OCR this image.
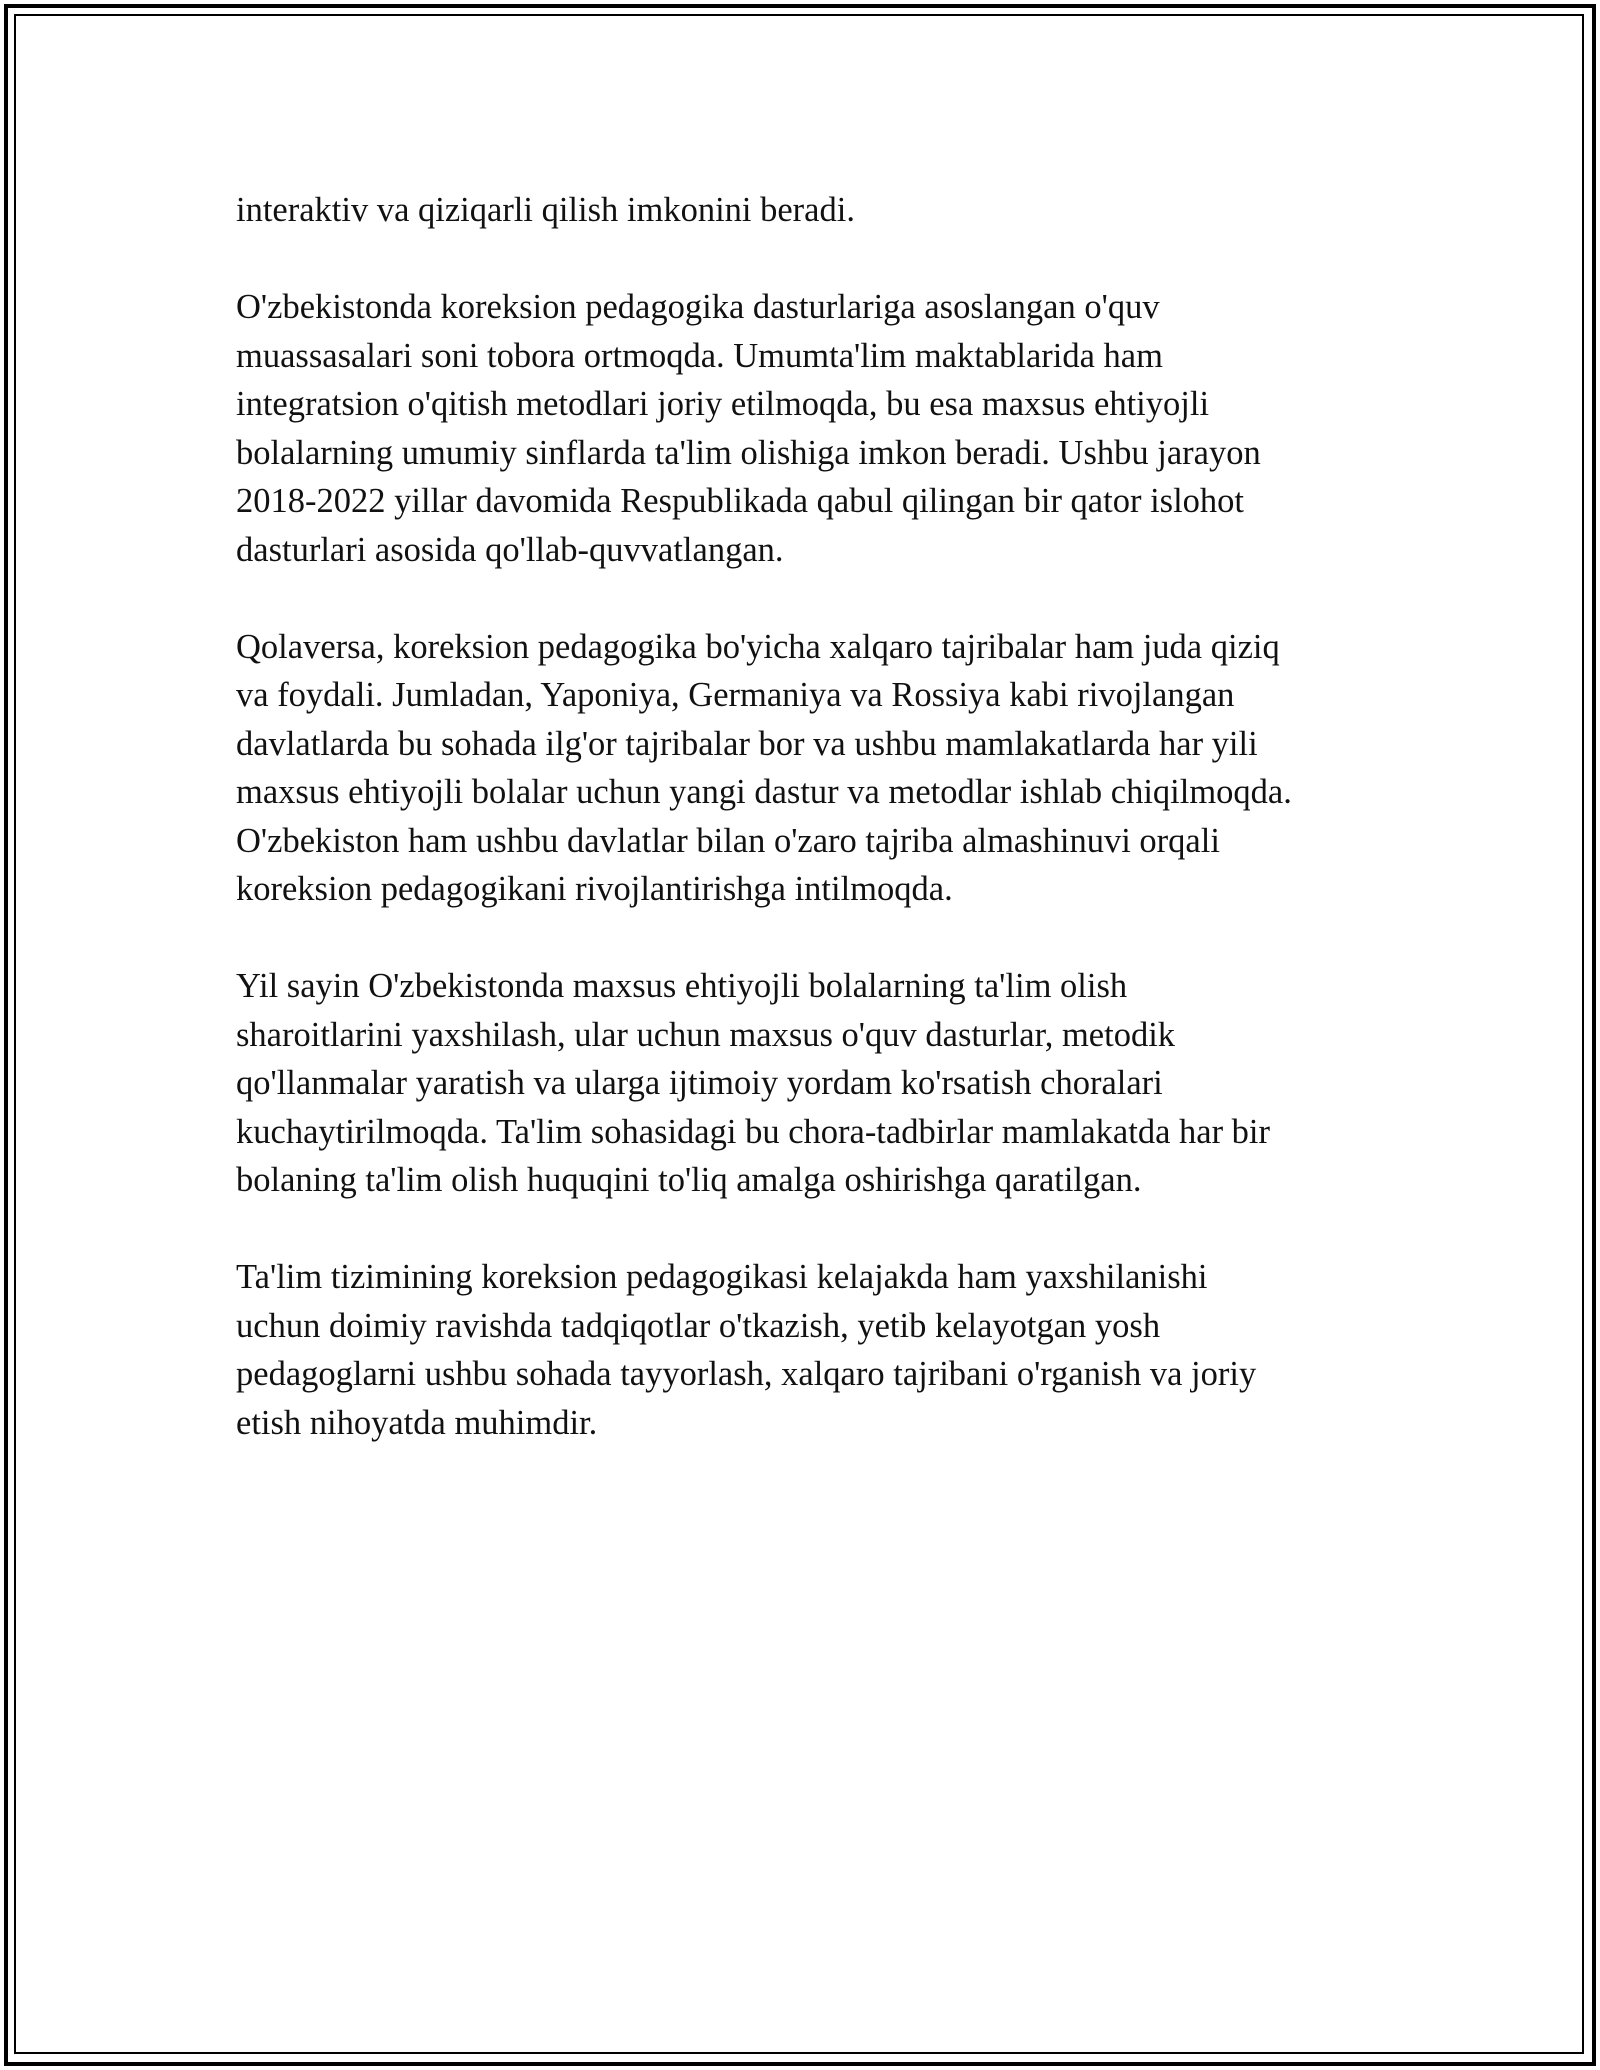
interaktiv va qiziqarli qilish imkonini beradi.

O'zbekistonda koreksion pedagogika dasturlariga asoslangan o'quv
muassasalari soni tobora ortmoqda. Umumta'lim maktablarida ham
integratsion o'qitish metodlari joriy etilmoqda, bu esa maxsus ehtiyojli
bolalarning umumiy sinflarda ta'lim olishiga imkon beradi. Ushbu jarayon
2018-2022 yillar davomida Respublikada qabul qilingan bir qator islohot
dasturlari asosida qo'llab-quvvatlangan.

Qolaversa, koreksion pedagogika bo'yicha xalqaro tajribalar ham juda qiziq
va foydali. Jumladan, Yaponiya, Germaniya va Rossiya kabi rivojlangan
davlatlarda bu sohada ilg'or tajribalar bor va ushbu mamlakatlarda har yili
maxsus ehtiyojli bolalar uchun yangi dastur va metodlar ishlab chiqilmoqda.
O'zbekiston ham ushbu davlatlar bilan o'zaro tajriba almashinuvi orqali
koreksion pedagogikani rivojlantirishga intilmoqda.

Yil sayin O'zbekistonda maxsus ehtiyojli bolalarning ta'lim olish
sharoitlarini yaxshilash, ular uchun maxsus o'quv dasturlar, metodik
qo'llanmalar yaratish va ularga ijtimoiy yordam ko'rsatish choralari
kuchaytirilmoqda. Ta'lim sohasidagi bu chora-tadbirlar mamlakatda har bir
bolaning ta'lim olish huquqini to'liq amalga oshirishga qaratilgan.

Ta'lim tizimining koreksion pedagogikasi kelajakda ham yaxshilanishi
uchun doimiy ravishda tadqiqotlar o'tkazish, yetib kelayotgan yosh
pedagoglarni ushbu sohada tayyorlash, xalqaro tajribani o'rganish va joriy
etish nihoyatda muhimdir.
